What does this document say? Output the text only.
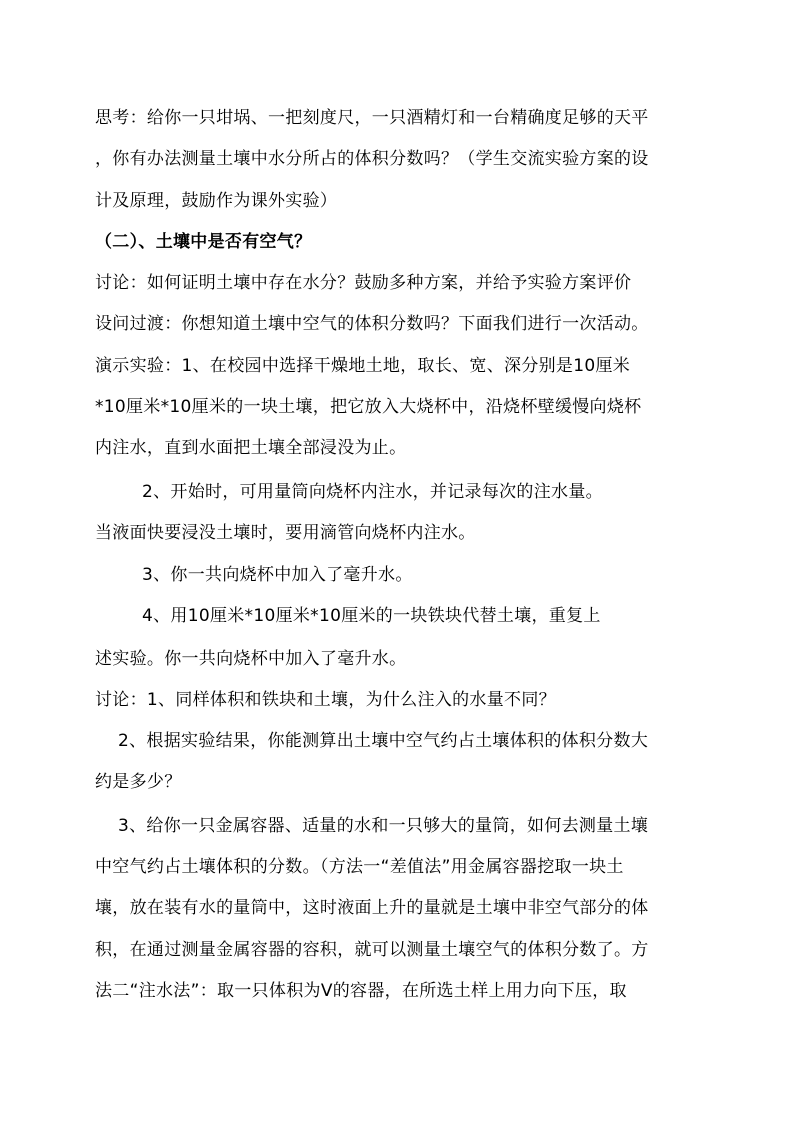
思考：给你一只坩埚、一把刻度尺，一只酒精灯和一台精确度足够的天平
，你有办法测量土壤中水分所占的体积分数吗？（学生交流实验方案的设
计及原理，鼓励作为课外实验）
（二）、土壤中是否有空气？
讨论：如何证明土壤中存在水分？鼓励多种方案，并给予实验方案评价
设问过渡：你想知道土壤中空气的体积分数吗？下面我们进行一次活动。
演示实验：1、在校园中选择干燥地土地，取长、宽、深分别是10厘米
*10厘米*10厘米的一块土壤，把它放入大烧杯中，沿烧杯壁缓慢向烧杯
内注水，直到水面把土壤全部浸没为止。
2、开始时，可用量筒向烧杯内注水，并记录每次的注水量。
当液面快要浸没土壤时，要用滴管向烧杯内注水。
3、你一共向烧杯中加入了毫升水。
4、用10厘米*10厘米*10厘米的一块铁块代替土壤，重复上
述实验。你一共向烧杯中加入了毫升水。
讨论：1、同样体积和铁块和土壤，为什么注入的水量不同？
2、根据实验结果，你能测算出土壤中空气约占土壤体积的体积分数大
约是多少？
3、给你一只金属容器、适量的水和一只够大的量筒，如何去测量土壤
中空气约占土壤体积的分数。（方法一“差值法”用金属容器挖取一块土
壤，放在装有水的量筒中，这时液面上升的量就是土壤中非空气部分的体
积，在通过测量金属容器的容积，就可以测量土壤空气的体积分数了。方
法二“注水法”：取一只体积为V的容器，在所选土样上用力向下压，取
